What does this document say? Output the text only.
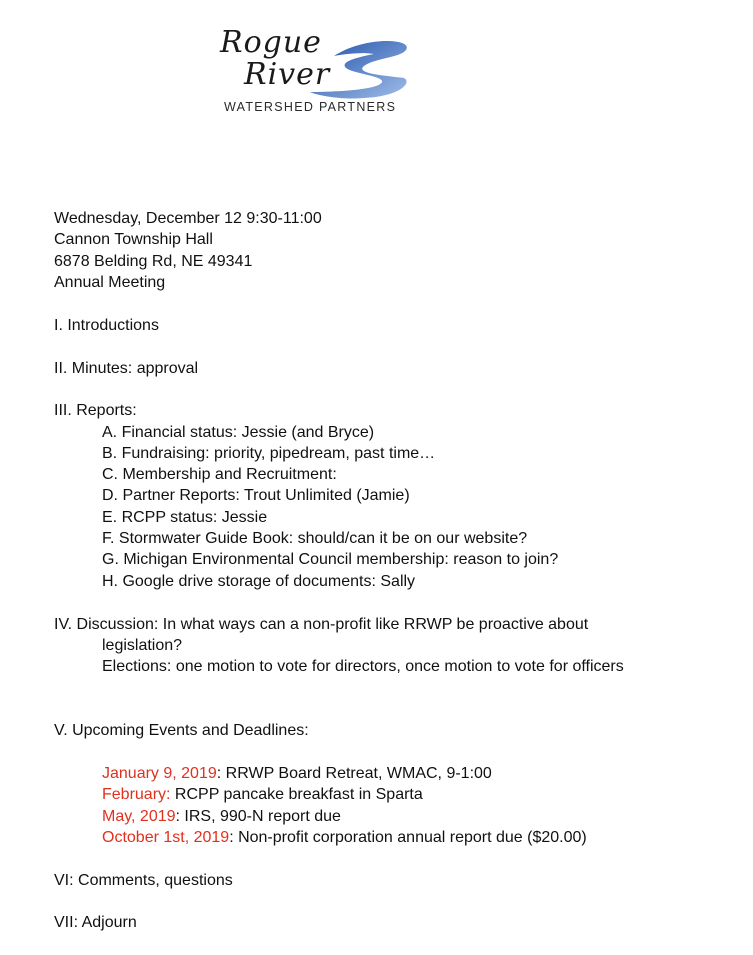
Rogue
River
WATERSHED PARTNERS
Wednesday, December 12 9:30-11:00
Cannon Township Hall
6878 Belding Rd, NE 49341
Annual Meeting
I. Introductions
II. Minutes: approval
III. Reports:
A. Financial status: Jessie (and Bryce)
B. Fundraising: priority, pipedream, past time…
C. Membership and Recruitment:
D. Partner Reports: Trout Unlimited (Jamie)
E. RCPP status: Jessie
F. Stormwater Guide Book: should/can it be on our website?
G. Michigan Environmental Council membership: reason to join?
H. Google drive storage of documents: Sally
IV. Discussion: In what ways can a non-profit like RRWP be proactive about
legislation?
Elections: one motion to vote for directors, once motion to vote for officers
V. Upcoming Events and Deadlines:
January 9, 2019: RRWP Board Retreat, WMAC, 9-1:00
February: RCPP pancake breakfast in Sparta
May, 2019: IRS, 990-N report due
October 1st, 2019: Non-profit corporation annual report due ($20.00)
VI: Comments, questions
VII: Adjourn
